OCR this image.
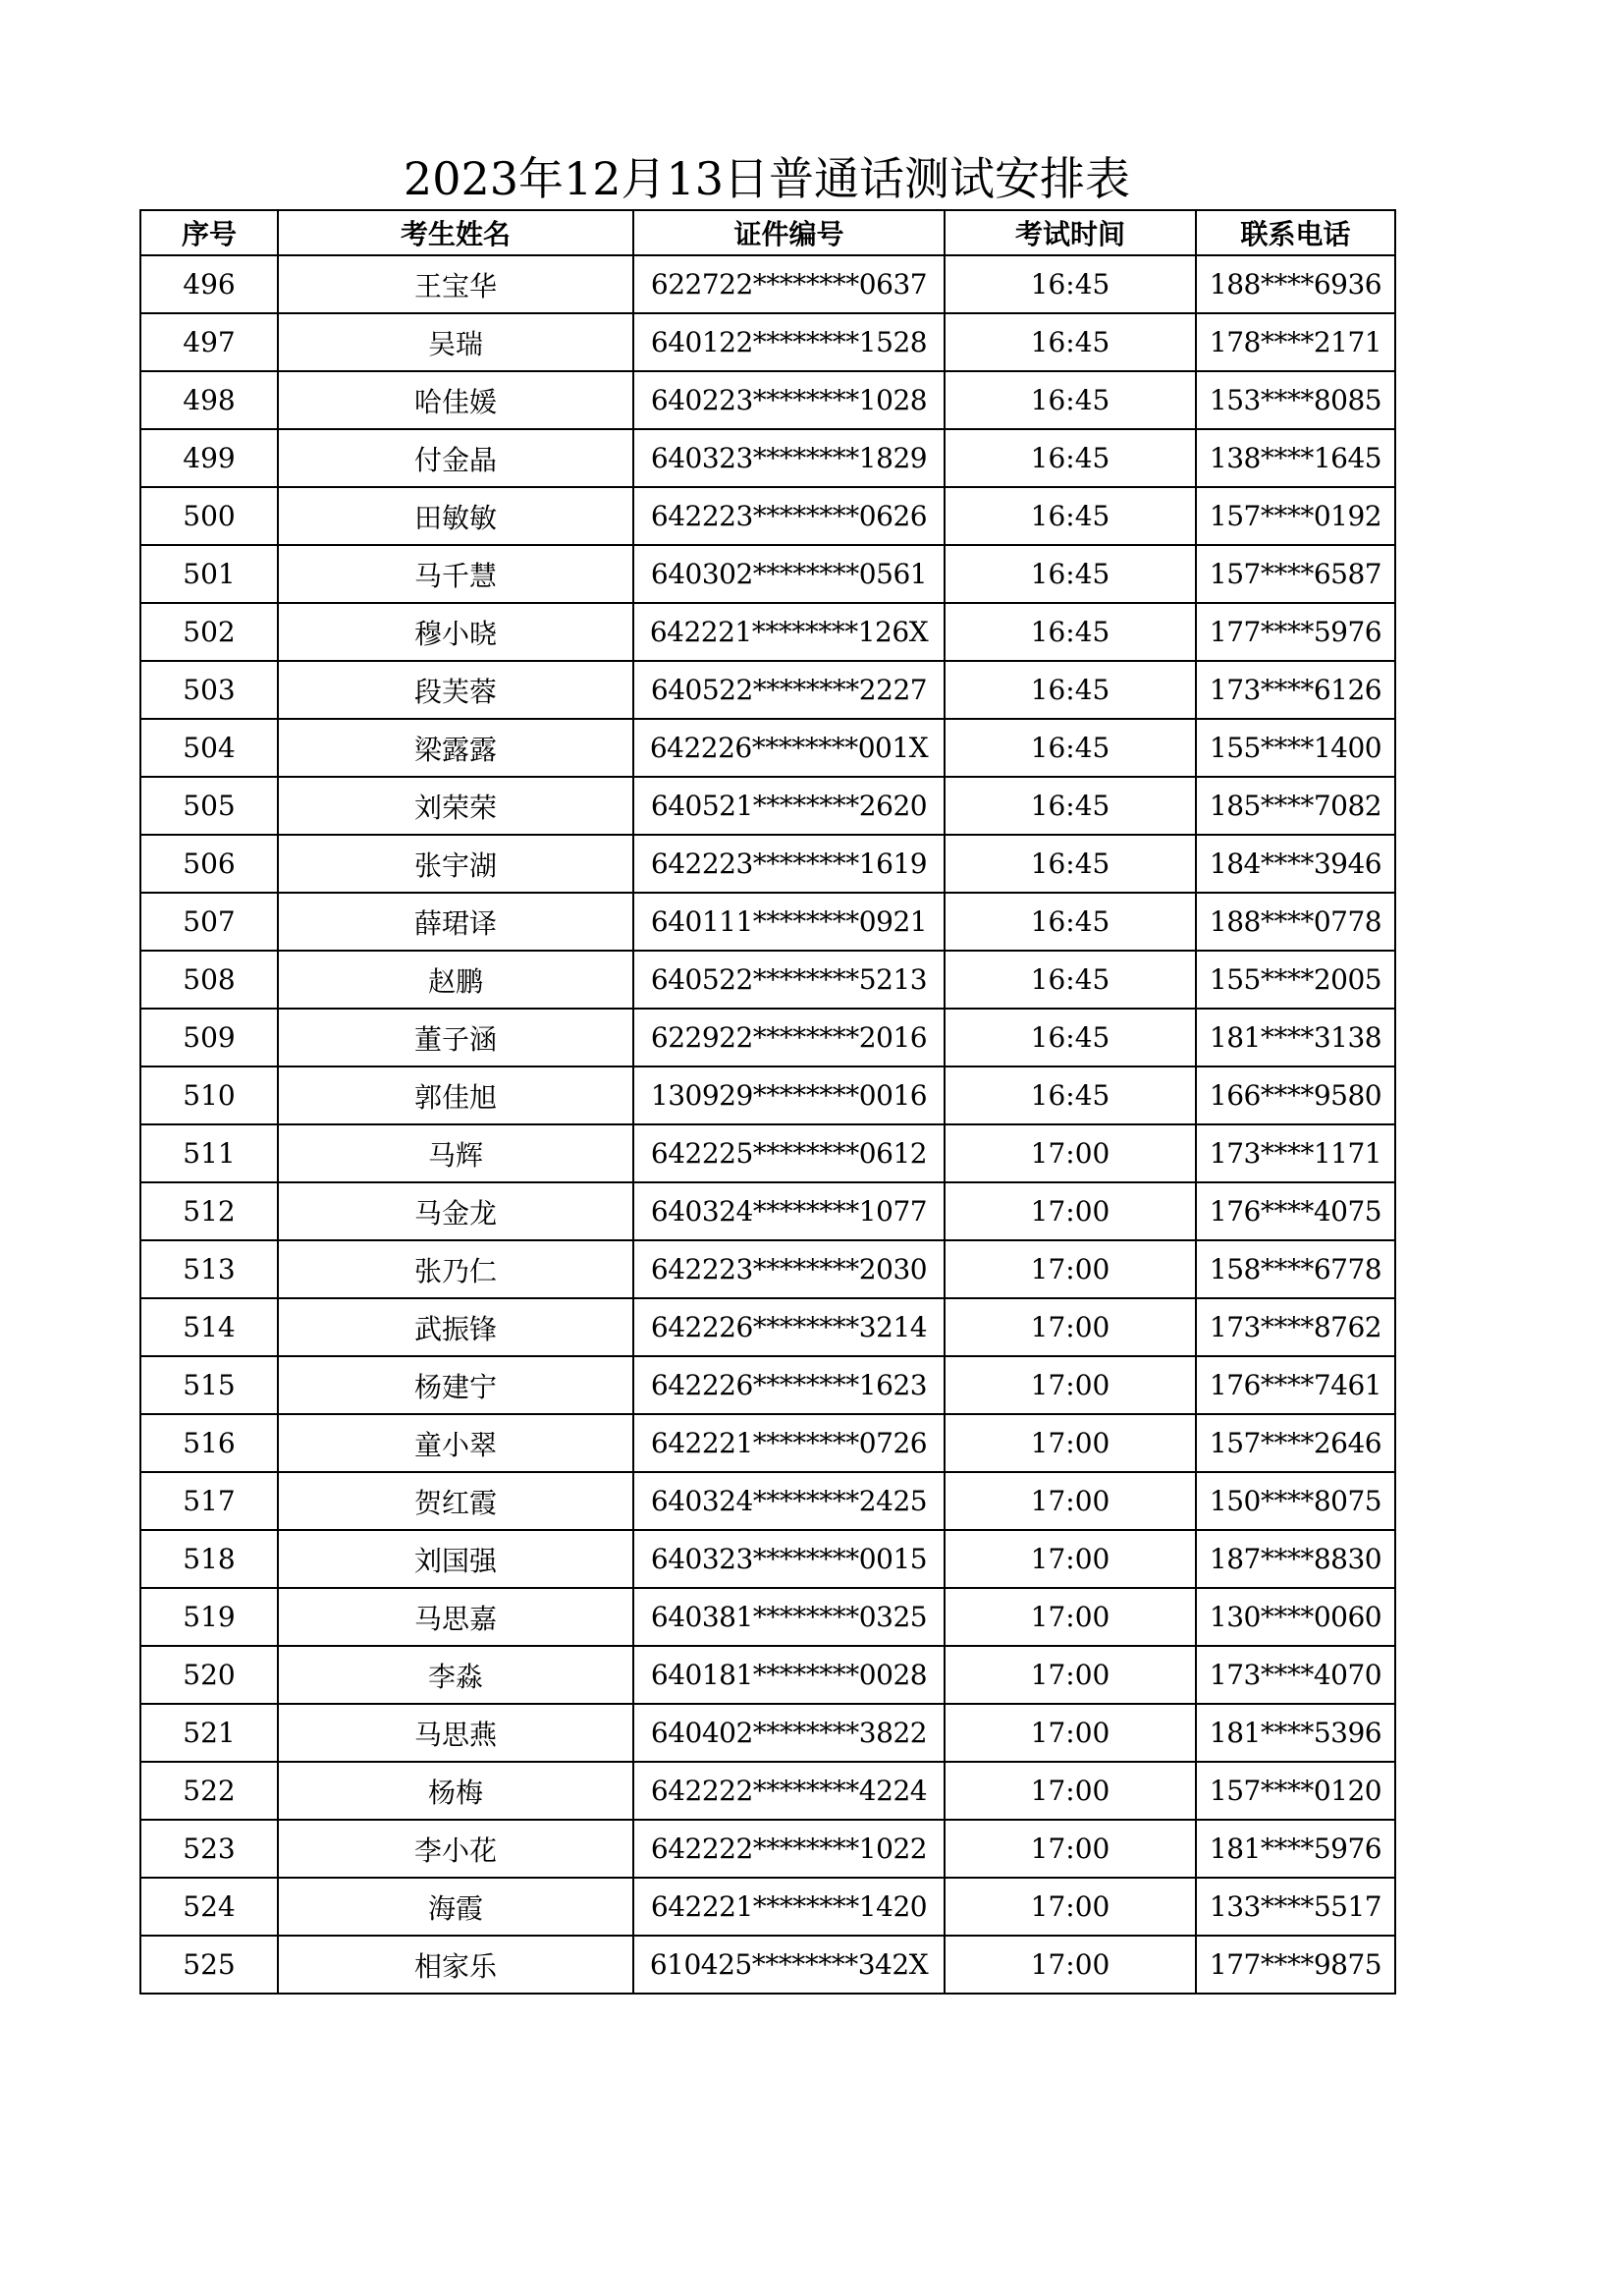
2023年12月13日普通话测试安排表
序号	考生姓名	证件编号	考试时间	联系电话
496	王宝华	622722********0637	16:45	188****6936
497	吴瑞	640122********1528	16:45	178****2171
498	哈佳媛	640223********1028	16:45	153****8085
499	付金晶	640323********1829	16:45	138****1645
500	田敏敏	642223********0626	16:45	157****0192
501	马千慧	640302********0561	16:45	157****6587
502	穆小晓	642221********126X	16:45	177****5976
503	段芙蓉	640522********2227	16:45	173****6126
504	梁露露	642226********001X	16:45	155****1400
505	刘荣荣	640521********2620	16:45	185****7082
506	张宇湖	642223********1619	16:45	184****3946
507	薛珺译	640111********0921	16:45	188****0778
508	赵鹏	640522********5213	16:45	155****2005
509	董子涵	622922********2016	16:45	181****3138
510	郭佳旭	130929********0016	16:45	166****9580
511	马辉	642225********0612	17:00	173****1171
512	马金龙	640324********1077	17:00	176****4075
513	张乃仁	642223********2030	17:00	158****6778
514	武振锋	642226********3214	17:00	173****8762
515	杨建宁	642226********1623	17:00	176****7461
516	童小翠	642221********0726	17:00	157****2646
517	贺红霞	640324********2425	17:00	150****8075
518	刘国强	640323********0015	17:00	187****8830
519	马思嘉	640381********0325	17:00	130****0060
520	李淼	640181********0028	17:00	173****4070
521	马思燕	640402********3822	17:00	181****5396
522	杨梅	642222********4224	17:00	157****0120
523	李小花	642222********1022	17:00	181****5976
524	海霞	642221********1420	17:00	133****5517
525	相家乐	610425********342X	17:00	177****9875
